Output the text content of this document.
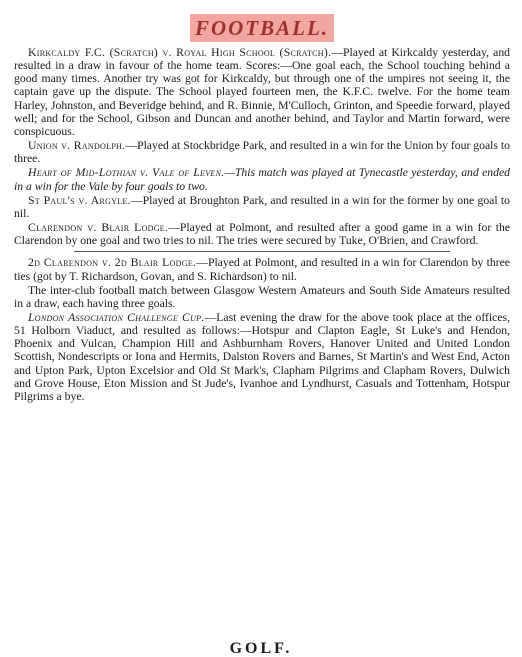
FOOTBALL.

Kirkcaldy F.C. (Scratch) v. Royal High School (Scratch).—Played at Kirkcaldy yesterday, and resulted in a draw in favour of the home team. Scores:—One goal each, the School touching behind a good many times. Another try was got for Kirkcaldy, but through one of the umpires not seeing it, the captain gave up the dispute. The School played fourteen men, the K.F.C. twelve. For the home team Harley, Johnston, and Beveridge behind, and R. Binnie, M'Culloch, Grinton, and Speedie forward, played well; and for the School, Gibson and Duncan and another behind, and Taylor and Martin forward, were conspicuous.

Union v. Randolph.—Played at Stockbridge Park, and resulted in a win for the Union by four goals to three.

Heart of Mid-Lothian v. Vale of Leven.—This match was played at Tynecastle yesterday, and ended in a win for the Vale by four goals to two.

St Paul's v. Argyle.—Played at Broughton Park, and resulted in a win for the former by one goal to nil.

Clarendon v. Blair Lodge.—Played at Polmont, and resulted after a good game in a win for the Clarendon by one goal and two tries to nil. The tries were secured by Tuke, O'Brien, and Crawford.

2d Clarendon v. 2d Blair Lodge.—Played at Polmont, and resulted in a win for Clarendon by three ties (got by T. Richardson, Govan, and S. Richardson) to nil.

The inter-club football match between Glasgow Western Amateurs and South Side Amateurs resulted in a draw, each having three goals.

London Association Challenge Cup.—Last evening the draw for the above took place at the offices, 51 Holborn Viaduct, and resulted as follows:—Hotspur and Clapton Eagle, St Luke's and Hendon, Phoenix and Vulcan, Champion Hill and Ashburnham Rovers, Hanover United and United London Scottish, Nondescripts or Iona and Hermits, Dalston Rovers and Barnes, St Martin's and West End, Acton and Upton Park, Upton Excelsior and Old St Mark's, Clapham Pilgrims and Clapham Rovers, Dulwich and Grove House, Eton Mission and St Jude's, Ivanhoe and Lyndhurst, Casuals and Tottenham, Hotspur Pilgrims a bye.

GOLF.
